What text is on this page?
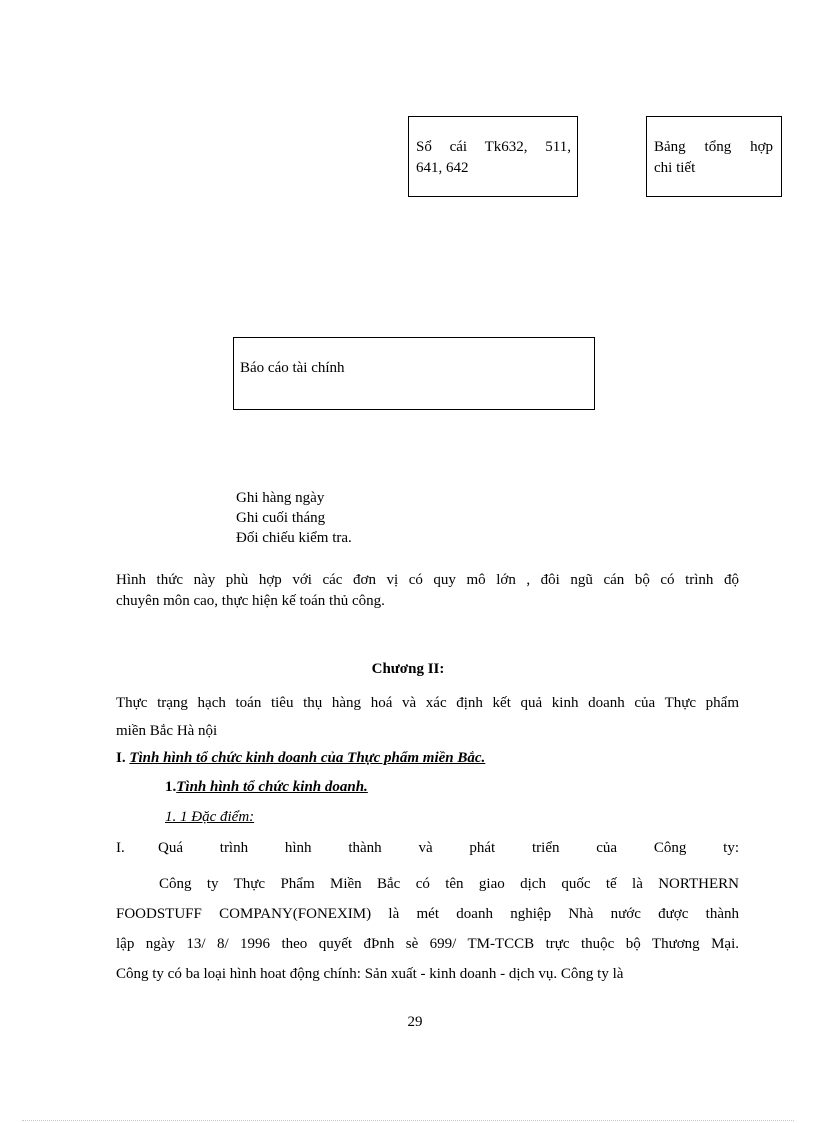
Sổ cái Tk632, 511,
641, 642
Bảng tổng hợp
chi tiết
Báo cáo tài chính
Ghi hàng ngày
Ghi cuối tháng
Đối chiếu kiểm tra.
Hình thức này phù hợp với các đơn vị có quy mô lớn , đôi ngũ cán bộ có trình độ
chuyên môn cao, thực hiện kế toán thủ công.
Chương II:
Thực trạng hạch toán tiêu thụ hàng hoá và xác định kết quả kinh doanh của Thực phẩm
miền Bắc Hà nội
I. Tình hình tổ chức kinh doanh của Thực phẩm miền Bắc.
1.Tình hình tổ chức kinh doanh.
1. 1 Đặc điểm:
I. Quá trình hình thành và phát triển của Công ty:
Công ty Thực Phẩm Miền Bắc có tên giao dịch quốc tế là NORTHERN
FOODSTUFF COMPANY(FONEXIM) là mét doanh nghiệp Nhà nước được thành
lập ngày 13/ 8/ 1996 theo quyết đÞnh sè 699/ TM-TCCB trực thuộc bộ Thương Mại.
Công ty có ba loại hình hoat động chính: Sản xuất - kinh doanh - dịch vụ. Công ty là
29
